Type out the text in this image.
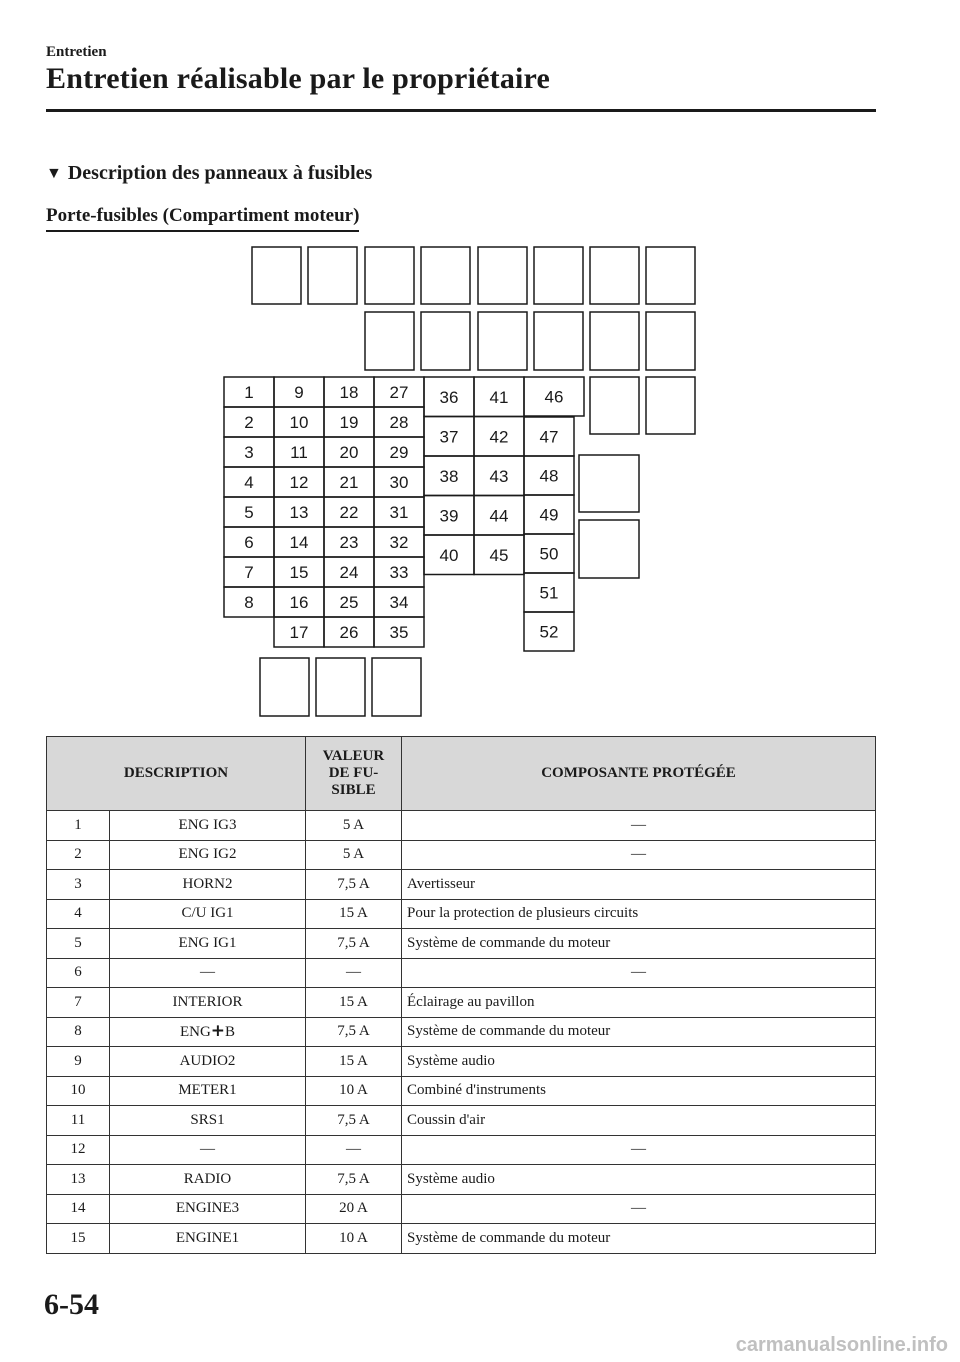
Entretien
Entretien réalisable par le propriétaire
▼ Description des panneaux à fusibles
Porte-fusibles (Compartiment moteur)
1
2
3
4
5
6
7
8
9
10
11
12
13
14
15
16
17
18
19
20
21
22
23
24
25
26
27
28
29
30
31
32
33
34
35
36
37
38
39
40
41
42
43
44
45
46
47
48
49
50
51
52
DESCRIPTION		VALEUR
DE FU-
SIBLE	COMPOSANTE PROTÉGÉE
1	ENG IG3	5 A	—
2	ENG IG2	5 A	—
3	HORN2	7,5 A	Avertisseur
4	C/U IG1	15 A	Pour la protection de plusieurs circuits
5	ENG IG1	7,5 A	Système de commande du moteur
6	—	—	—
7	INTERIOR	15 A	Éclairage au pavillon
8	ENG+B	7,5 A	Système de commande du moteur
9	AUDIO2	15 A	Système audio
10	METER1	10 A	Combiné d'instruments
11	SRS1	7,5 A	Coussin d'air
12	—	—	—
13	RADIO	7,5 A	Système audio
14	ENGINE3	20 A	—
15	ENGINE1	10 A	Système de commande du moteur
6-54
carmanualsonline.info
